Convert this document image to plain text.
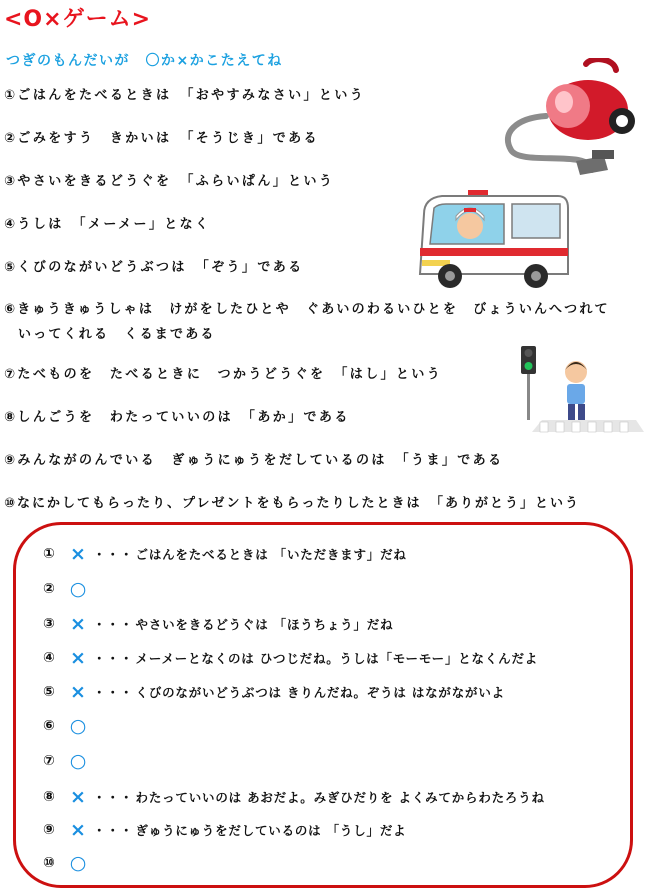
<O×ゲーム>
つぎのもんだいが　〇か×かこたえてね
①ごはんをたべるときは　「おやすみなさい」という
②ごみをすう　きかいは　「そうじき」である
③やさいをきるどうぐを　「ふらいぱん」という
④うしは　「メーメー」となく
⑤くびのながいどうぶつは　「ぞう」である
⑥きゅうきゅうしゃは　けがをしたひとや　ぐあいのわるいひとを　びょういんへつれて
いってくれる　くるまである
⑦たべものを　たべるときに　つかうどうぐを　「はし」という
⑧しんごうを　わたっていいのは　「あか」である
⑨みんながのんでいる　ぎゅうにゅうをだしているのは　「うま」である
⑩なにかしてもらったり、プレゼントをもらったりしたときは　「ありがとう」という
① × ・・・ ごはんをたべるときは 「いただきます」だね
② ○
③ × ・・・ やさいをきるどうぐは 「ほうちょう」だね
④ × ・・・ メーメーとなくのは ひつじだね。うしは「モーモー」となくんだよ
⑤ × ・・・ くびのながいどうぶつは きりんだね。ぞうは はながながいよ
⑥ ○
⑦ ○
⑧ × ・・・ わたっていいのは あおだよ。みぎひだりを よくみてからわたろうね
⑨ × ・・・ ぎゅうにゅうをだしているのは 「うし」だよ
⑩ ○
